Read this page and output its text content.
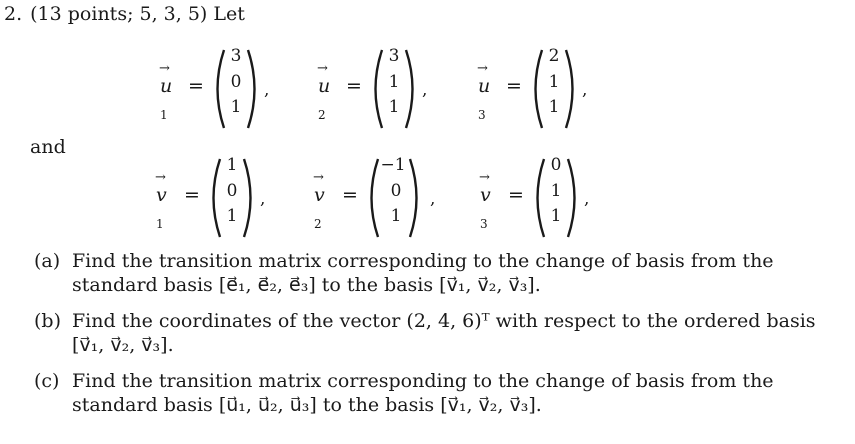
2. (13 points; 5, 3, 5) Let
→ $u_1$
=
3
0
1
,	→ $u_2$
=
3
1
1
,	→ $u_3$
=
2
1
1
,
and
→ $v_1$
=
1
0
1
,	→ $v_2$
=
−1
0
1
, → $v_3$
=
0
1
1
,
(a) Find the transition matrix corresponding to the change of basis from the standard basis [e⃗₁, e⃗₂, e⃗₃] to the basis [v⃗₁, v⃗₂, v⃗₃].
(b) Find the coordinates of the vector (2, 4, 6)ᵀ with respect to the ordered basis [v⃗₁, v⃗₂, v⃗₃].
(c) Find the transition matrix corresponding to the change of basis from the standard basis [u⃗₁, u⃗₂, u⃗₃] to the basis [v⃗₁, v⃗₂, v⃗₃].
